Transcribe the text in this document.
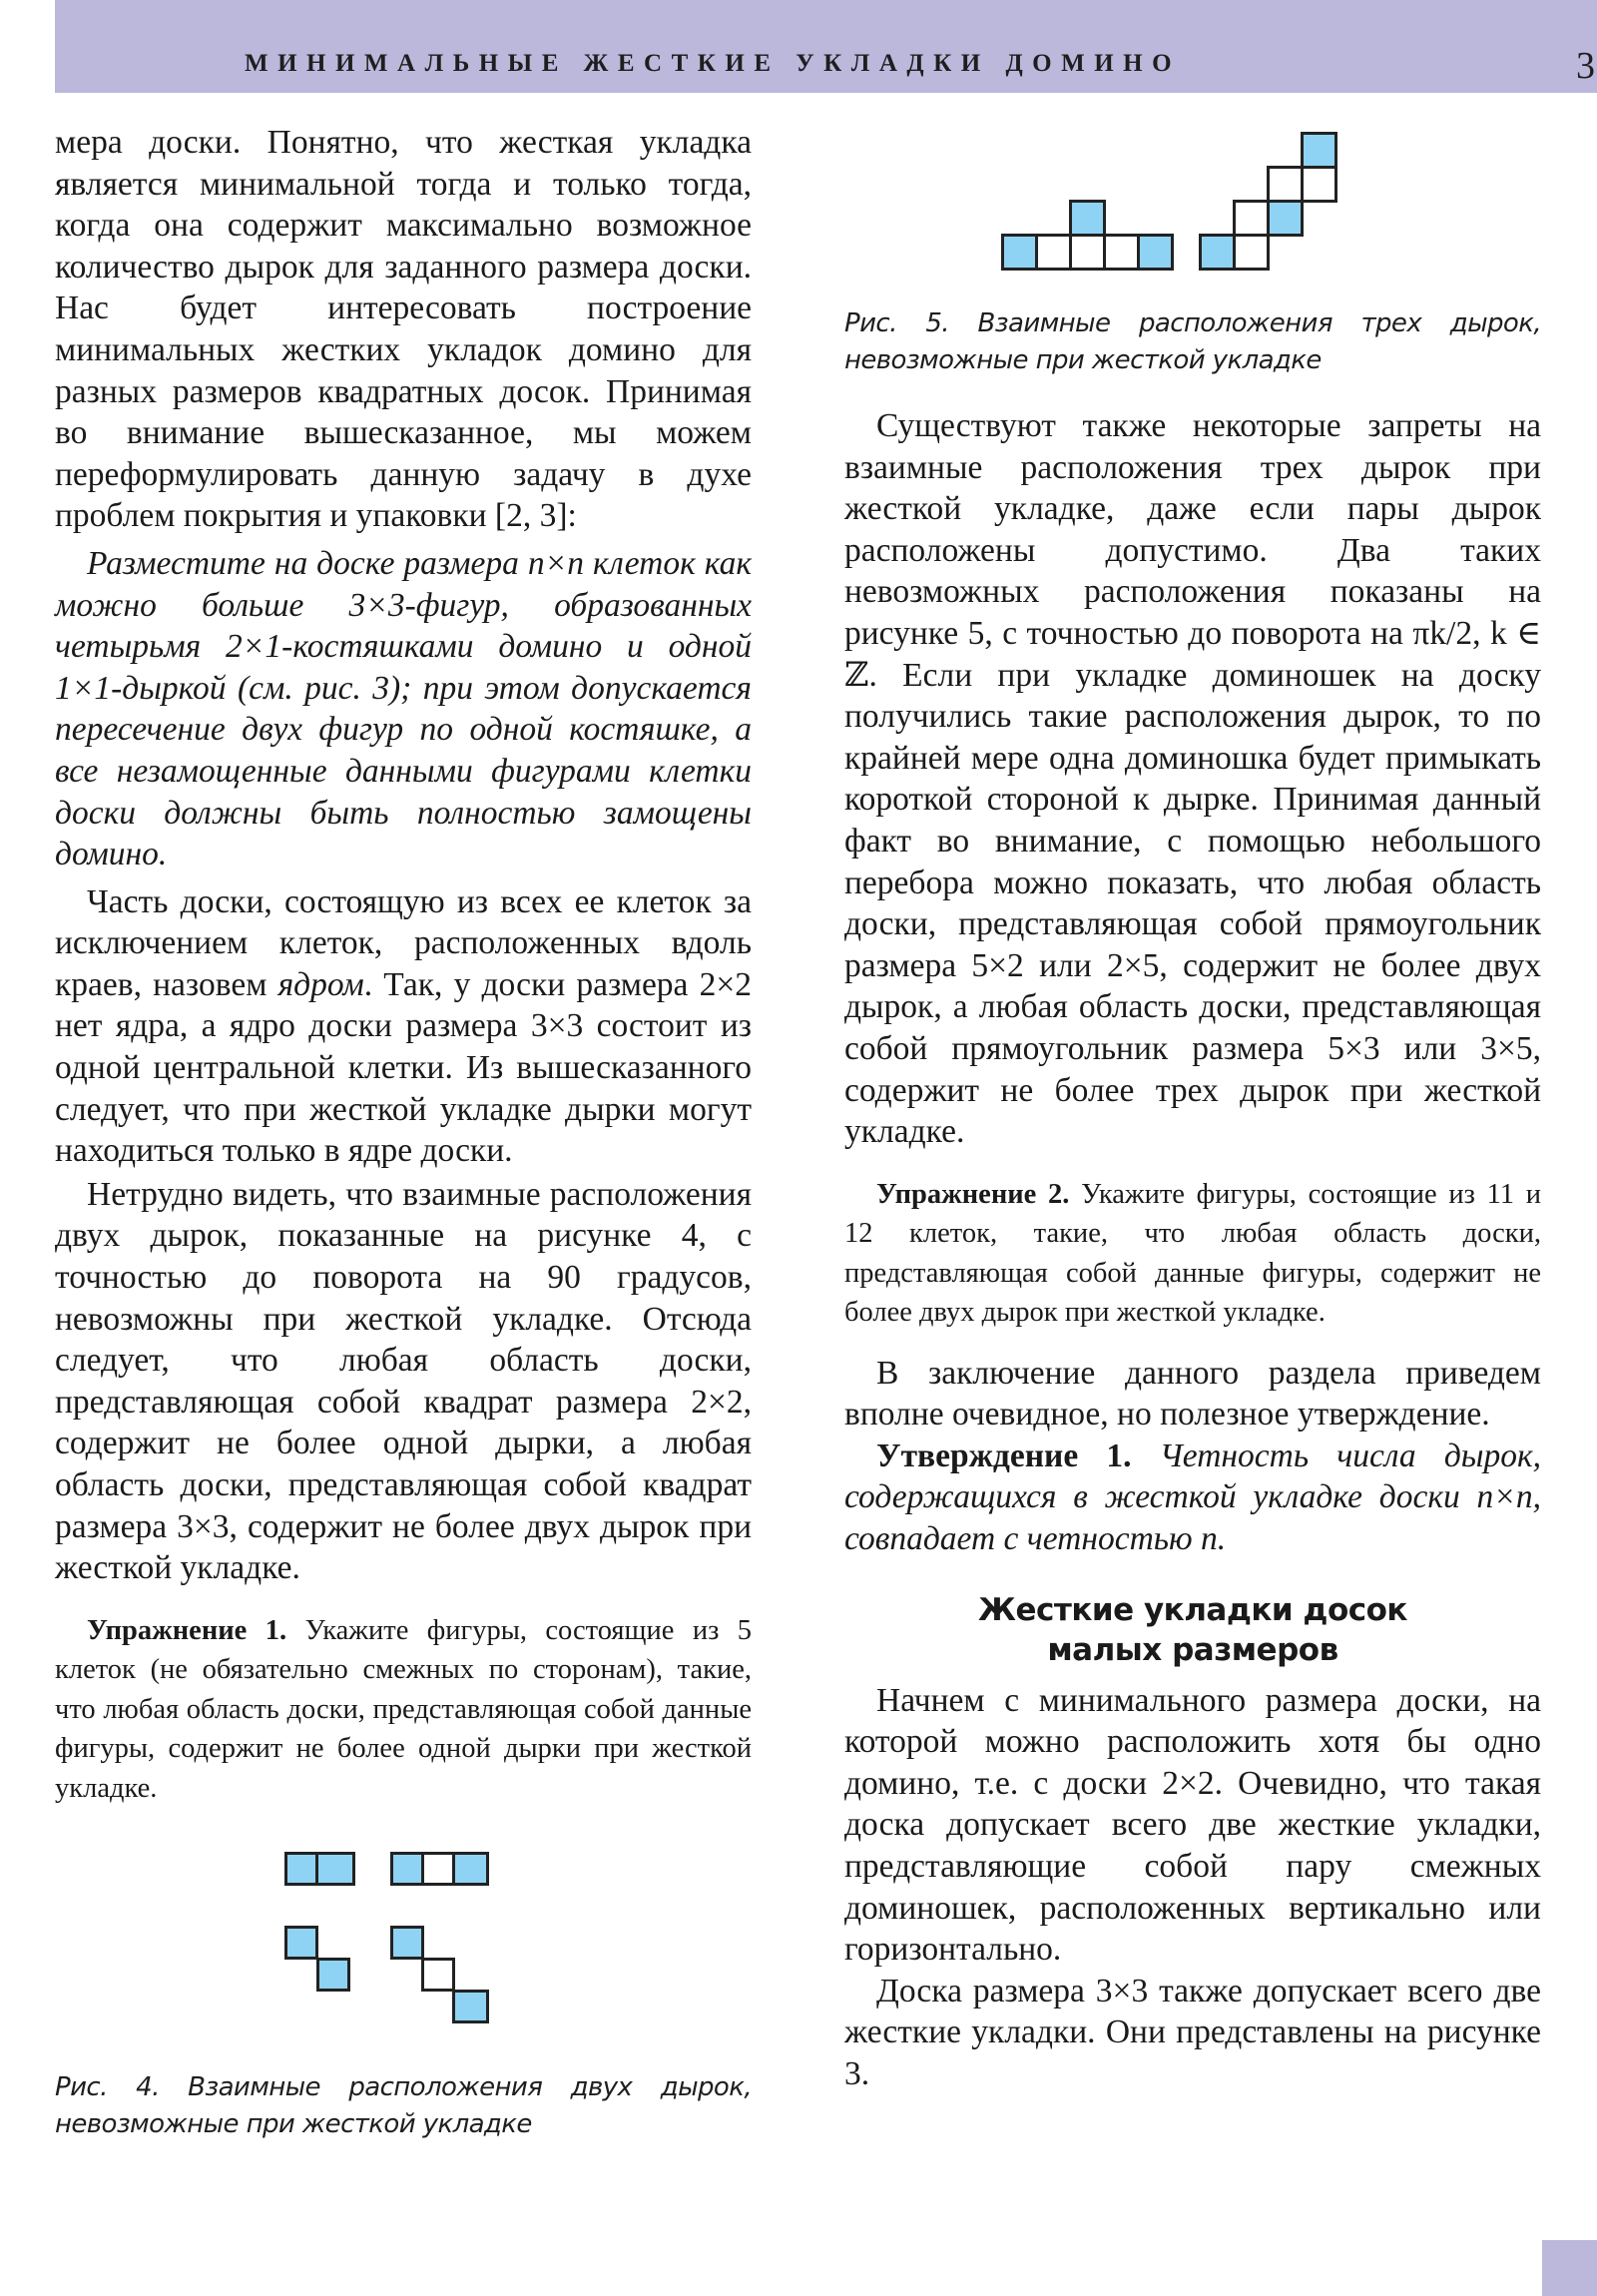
МИНИМАЛЬНЫЕ ЖЕСТКИЕ УКЛАДКИ ДОМИНО	3

мера доски. Понятно, что жесткая укладка является минимальной тогда и только тогда, когда она содержит максимально возможное количество дырок для заданного размера доски. Нас будет интересовать построение минимальных жестких укладок домино для разных размеров квадратных досок. Принимая во внимание вышесказанное, мы можем переформулировать данную задачу в духе проблем покрытия и упаковки [2, 3]:

Разместите на доске размера n×n клеток как можно больше 3×3-фигур, образованных четырьмя 2×1-костяшками домино и одной 1×1-дыркой (см. рис. 3); при этом допускается пересечение двух фигур по одной костяшке, а все незамощенные данными фигурами клетки доски должны быть полностью замощены домино.

Часть доски, состоящую из всех ее клеток за исключением клеток, расположенных вдоль краев, назовем ядром. Так, у доски размера 2×2 нет ядра, а ядро доски размера 3×3 состоит из одной центральной клетки. Из вышесказанного следует, что при жесткой укладке дырки могут находиться только в ядре доски.

Нетрудно видеть, что взаимные расположения двух дырок, показанные на рисунке 4, с точностью до поворота на 90 градусов, невозможны при жесткой укладке. Отсюда следует, что любая область доски, представляющая собой квадрат размера 2×2, содержит не более одной дырки, а любая область доски, представляющая собой квадрат размера 3×3, содержит не более двух дырок при жесткой укладке.

Упражнение 1. Укажите фигуры, состоящие из 5 клеток (не обязательно смежных по сторонам), такие, что любая область доски, представляющая собой данные фигуры, содержит не более одной дырки при жесткой укладке.

Рис. 4. Взаимные расположения двух дырок, невозможные при жесткой укладке
Рис. 5. Взаимные расположения трех дырок, невозможные при жесткой укладке

Существуют также некоторые запреты на взаимные расположения трех дырок при жесткой укладке, даже если пары дырок расположены допустимо. Два таких невозможных расположения показаны на рисунке 5, с точностью до поворота на πk/2, k ∈ ℤ. Если при укладке доминошек на доску получились такие расположения дырок, то по крайней мере одна доминошка будет примыкать короткой стороной к дырке. Принимая данный факт во внимание, с помощью небольшого перебора можно показать, что любая область доски, представляющая собой прямоугольник размера 5×2 или 2×5, содержит не более двух дырок, а любая область доски, представляющая собой прямоугольник размера 5×3 или 3×5, содержит не более трех дырок при жесткой укладке.

Упражнение 2. Укажите фигуры, состоящие из 11 и 12 клеток, такие, что любая область доски, представляющая собой данные фигуры, содержит не более двух дырок при жесткой укладке.

В заключение данного раздела приведем вполне очевидное, но полезное утверждение.

Утверждение 1. Четность числа дырок, содержащихся в жесткой укладке доски n×n, совпадает с четностью n.

Жесткие укладки досок
малых размеров

Начнем с минимального размера доски, на которой можно расположить хотя бы одно домино, т.е. с доски 2×2. Очевидно, что такая доска допускает всего две жесткие укладки, представляющие собой пару смежных доминошек, расположенных вертикально или горизонтально.

Доска размера 3×3 также допускает всего две жесткие укладки. Они представлены на рисунке 3.
